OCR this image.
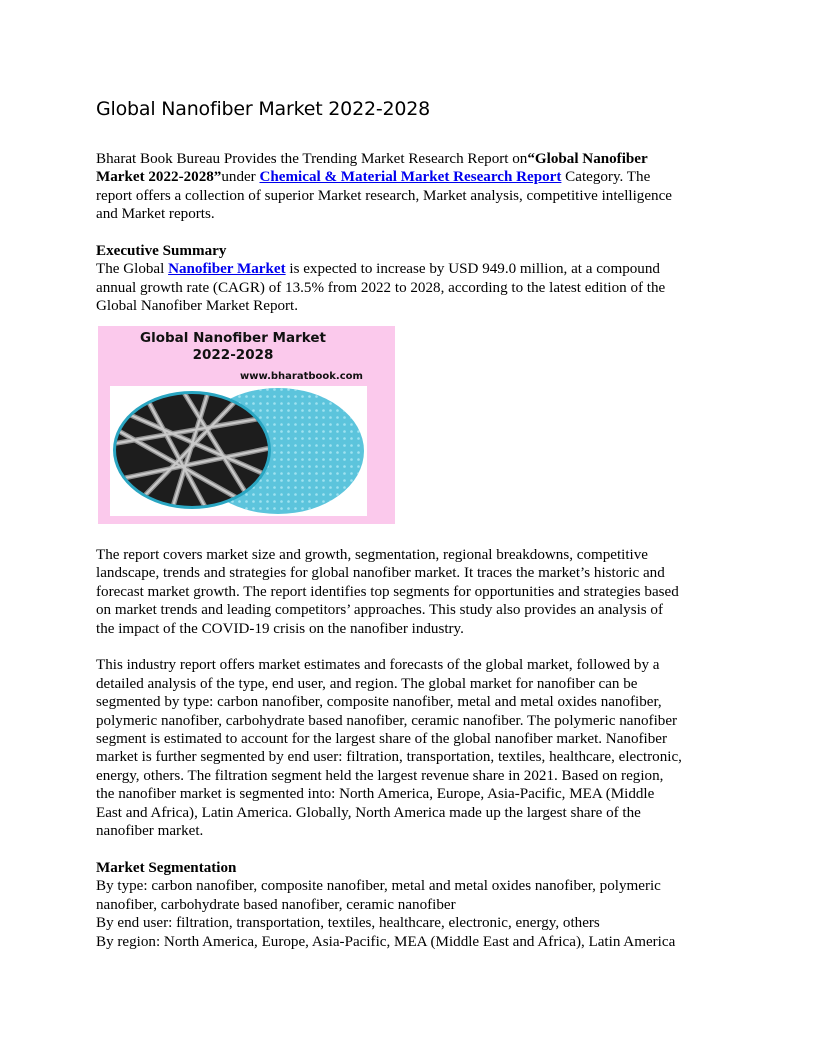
Global Nanofiber Market 2022-2028

Bharat Book Bureau Provides the Trending Market Research Report on“Global Nanofiber
Market 2022-2028”under Chemical & Material Market Research Report Category. The
report offers a collection of superior Market research, Market analysis, competitive intelligence
and Market reports.

Executive Summary
The Global Nanofiber Market is expected to increase by USD 949.0 million, at a compound
annual growth rate (CAGR) of 13.5% from 2022 to 2028, according to the latest edition of the
Global Nanofiber Market Report.

Global Nanofiber Market
2022-2028
www.bharatbook.com

The report covers market size and growth, segmentation, regional breakdowns, competitive
landscape, trends and strategies for global nanofiber market. It traces the market’s historic and
forecast market growth. The report identifies top segments for opportunities and strategies based
on market trends and leading competitors’ approaches. This study also provides an analysis of
the impact of the COVID-19 crisis on the nanofiber industry.

This industry report offers market estimates and forecasts of the global market, followed by a
detailed analysis of the type, end user, and region. The global market for nanofiber can be
segmented by type: carbon nanofiber, composite nanofiber, metal and metal oxides nanofiber,
polymeric nanofiber, carbohydrate based nanofiber, ceramic nanofiber. The polymeric nanofiber
segment is estimated to account for the largest share of the global nanofiber market. Nanofiber
market is further segmented by end user: filtration, transportation, textiles, healthcare, electronic,
energy, others. The filtration segment held the largest revenue share in 2021. Based on region,
the nanofiber market is segmented into: North America, Europe, Asia-Pacific, MEA (Middle
East and Africa), Latin America. Globally, North America made up the largest share of the
nanofiber market.

Market Segmentation
By type: carbon nanofiber, composite nanofiber, metal and metal oxides nanofiber, polymeric
nanofiber, carbohydrate based nanofiber, ceramic nanofiber
By end user: filtration, transportation, textiles, healthcare, electronic, energy, others
By region: North America, Europe, Asia-Pacific, MEA (Middle East and Africa), Latin America
